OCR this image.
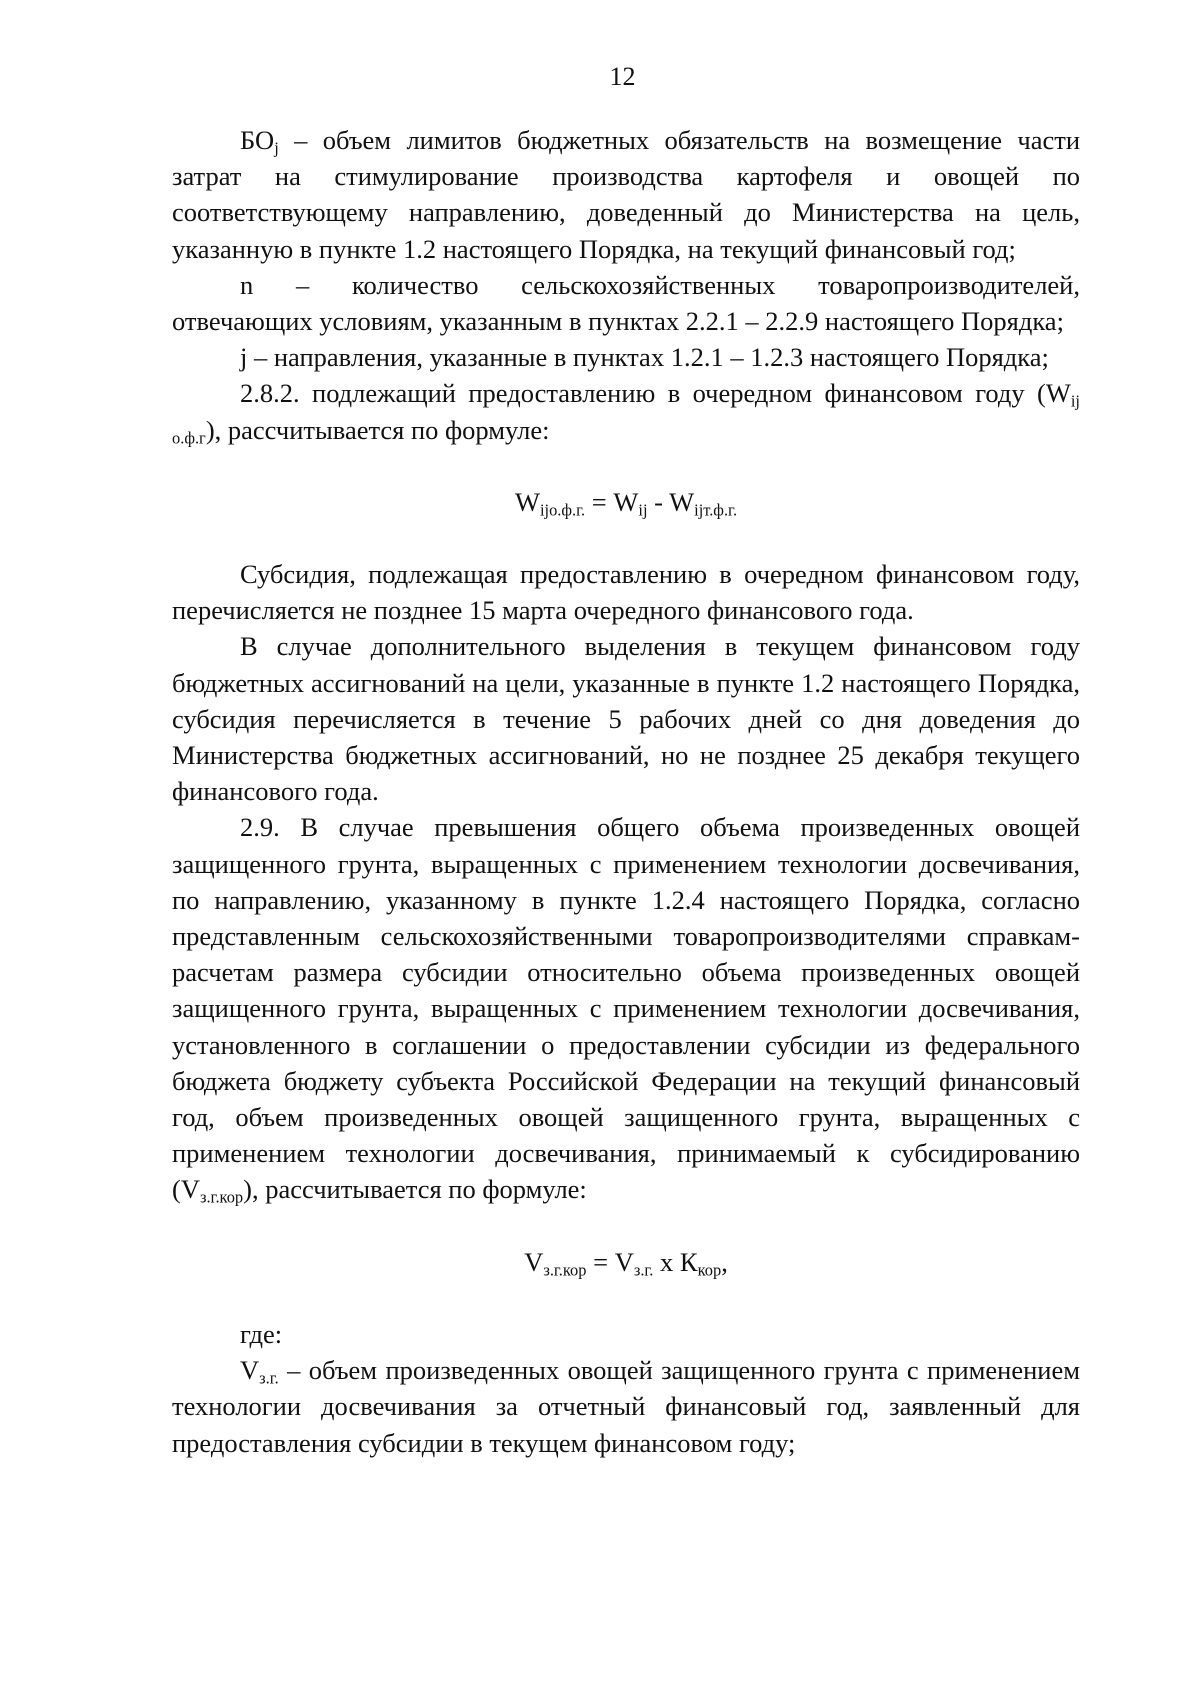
12

$БО_j$ – объем лимитов бюджетных обязательств на возмещение части затрат на стимулирование производства картофеля и овощей по соответствующему направлению, доведенный до Министерства на цель, указанную в пункте 1.2 настоящего Порядка, на текущий финансовый год;

n – количество сельскохозяйственных товаропроизводителей, отвечающих условиям, указанным в пунктах 2.2.1 – 2.2.9 настоящего Порядка;

j – направления, указанные в пунктах 1.2.1 – 1.2.3 настоящего Порядка;

2.8.2. подлежащий предоставлению в очередном финансовом году $(W_{ij о.ф.г})$, рассчитывается по формуле:

$W_{ijо.ф.г.} = W_{ij} - W_{ijт.ф.г.}$

Субсидия, подлежащая предоставлению в очередном финансовом году, перечисляется не позднее 15 марта очередного финансового года.

В случае дополнительного выделения в текущем финансовом году бюджетных ассигнований на цели, указанные в пункте 1.2 настоящего Порядка, субсидия перечисляется в течение 5 рабочих дней со дня доведения до Министерства бюджетных ассигнований, но не позднее 25 декабря текущего финансового года.

2.9. В случае превышения общего объема произведенных овощей защищенного грунта, выращенных с применением технологии досвечивания, по направлению, указанному в пункте 1.2.4 настоящего Порядка, согласно представленным сельскохозяйственными товаропроизводителями справкам-расчетам размера субсидии относительно объема произведенных овощей защищенного грунта, выращенных с применением технологии досвечивания, установленного в соглашении о предоставлении субсидии из федерального бюджета бюджету субъекта Российской Федерации на текущий финансовый год, объем произведенных овощей защищенного грунта, выращенных с применением технологии досвечивания, принимаемый к субсидированию $(V_{з.г.кор})$, рассчитывается по формуле:

$V_{з.г.кор} = V_{з.г.}$ х $К_{кор}$,

где:

$V_{з.г.}$ – объем произведенных овощей защищенного грунта с применением технологии досвечивания за отчетный финансовый год, заявленный для предоставления субсидии в текущем финансовом году;
